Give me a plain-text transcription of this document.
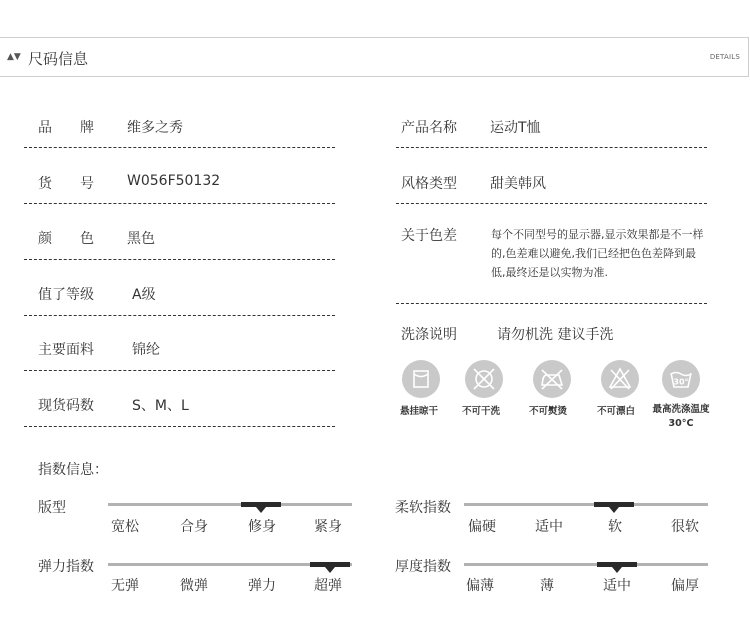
▲▼ 尺码信息	DETAILS
品　　牌 维多之秀
货　　号 W056F50132
颜　　色 黑色
值了等级	A级
主要面料	锦纶
现货码数	S、M、L
产品名称 运动T恤
风格类型 甜美韩风
关于色差	每个不同型号的显示器,显示效果都是不一样的,色差难以避免,我们已经把色色差降到最低,最终还是以实物为准.
洗涤说明	请勿机洗 建议手洗
悬挂晾干	不可干洗	不可熨烫	不可漂白
30°
最高洗涤温度30°C
指数信息：
版型
宽松	合身	修身	紧身
柔软指数
偏硬	适中	软	很软
弹力指数
无弹	微弹	弹力	超弹
厚度指数
偏薄	薄	适中	偏厚
